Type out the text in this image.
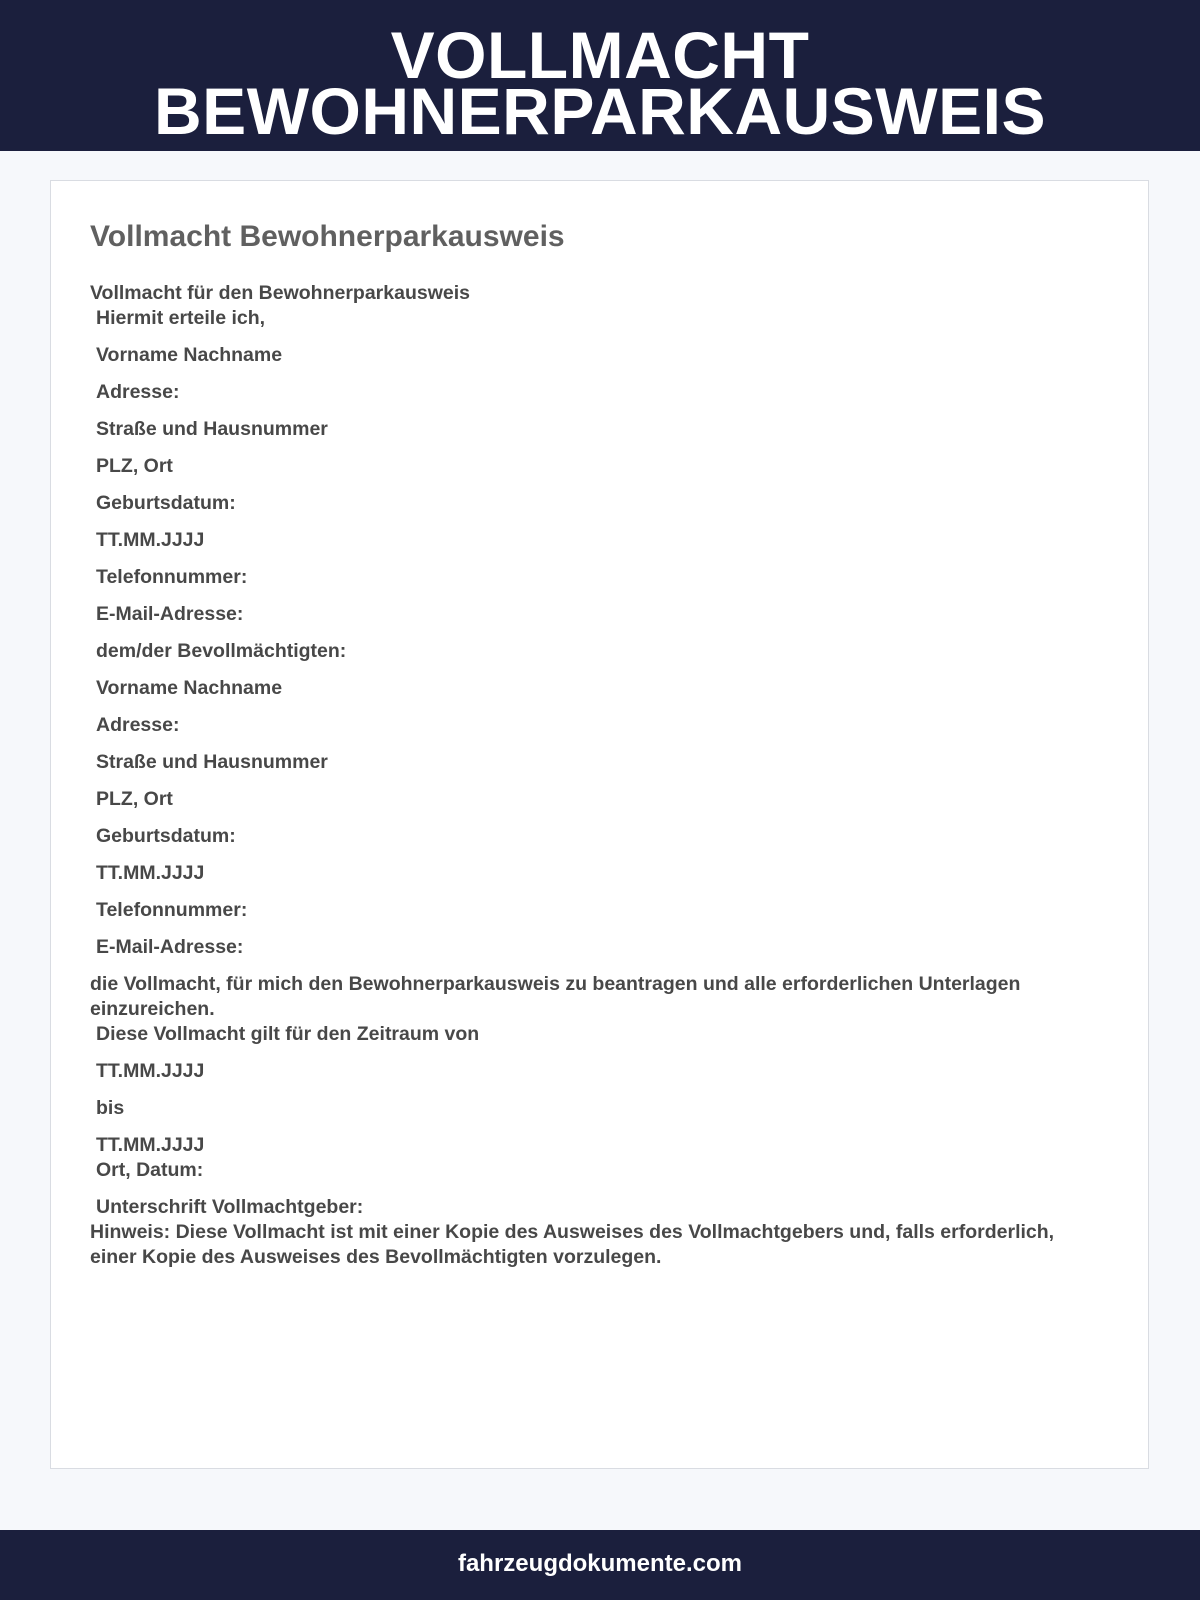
VOLLMACHT
BEWOHNERPARKAUSWEIS
Vollmacht Bewohnerparkausweis
Vollmacht für den Bewohnerparkausweis
Hiermit erteile ich,
Vorname Nachname
Adresse:
Straße und Hausnummer
PLZ, Ort
Geburtsdatum:
TT.MM.JJJJ
Telefonnummer:
E-Mail-Adresse:
dem/der Bevollmächtigten:
Vorname Nachname
Adresse:
Straße und Hausnummer
PLZ, Ort
Geburtsdatum:
TT.MM.JJJJ
Telefonnummer:
E-Mail-Adresse:
die Vollmacht, für mich den Bewohnerparkausweis zu beantragen und alle erforderlichen Unterlagen einzureichen.
Diese Vollmacht gilt für den Zeitraum von
TT.MM.JJJJ
bis
TT.MM.JJJJ
Ort, Datum:
Unterschrift Vollmachtgeber:
Hinweis: Diese Vollmacht ist mit einer Kopie des Ausweises des Vollmachtgebers und, falls erforderlich, einer Kopie des Ausweises des Bevollmächtigten vorzulegen.
fahrzeugdokumente.com
